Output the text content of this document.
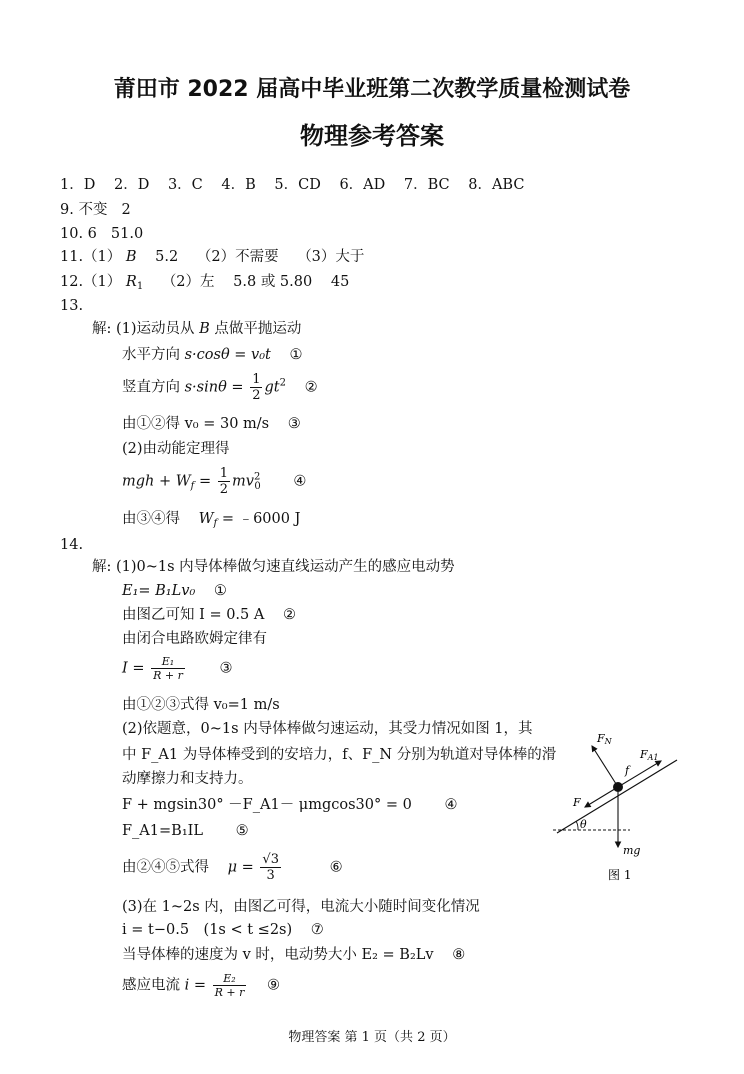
莆田市 2022 届高中毕业班第二次教学质量检测试卷
物理参考答案
1．D 2．D 3．C 4．B 5．CD 6．AD 7．BC 8．ABC
9. 不变 2
10. 6 51.0
11.（1） B 5.2 （2）不需要 （3）大于
12.（1） $R_1$ （2）左 5.8 或 5.80 45
13.
解: (1)运动员从 B 点做平抛运动
水平方向 s·cosθ = v₀t ①
竖直方向 $s\cdot\sin\theta = \frac{1}{2} gt^2$ ②
由①②得 v₀ = 30 m/s ③
(2)由动能定理得
mgh + $W_f = \frac{1}{2} mv^2_0$ ④
由③④得 $W_f$ = ﹣6000 J
14.
解: (1)0~1s 内导体棒做匀速直线运动产生的感应电动势
E₁= B₁Lv₀ ①
由图乙可知 I = 0.5 A ②
由闭合电路欧姆定律有
$I = \frac{\text{E₁}}{R + r}$ ③
由①②③式得 v₀=1 m/s
(2)依题意，0~1s 内导体棒做匀速运动，其受力情况如图 1，其
中 F_A1 为导体棒受到的安培力，f、F_N 分别为轨道对导体棒的滑
动摩擦力和支持力。
F + mgsin30° －F_A1－ μmgcos30° = 0 ④
F_A1=B₁IL ⑤
由②④⑤式得 $\mu = \frac{√3}{3}$	⑥
(3)在 1~2s 内，由图乙可得，电流大小随时间变化情况
i = t−0.5　(1s < t ≤2s) ⑦
当导体棒的速度为 v 时，电动势大小 E₂ = B₂Lv ⑧
感应电流 $i = \frac{\text{E₂}}{R + r}$ ⑨
FN
FA1
f
F
θ
mg
图 1
物理答案 第 1 页（共 2 页）
